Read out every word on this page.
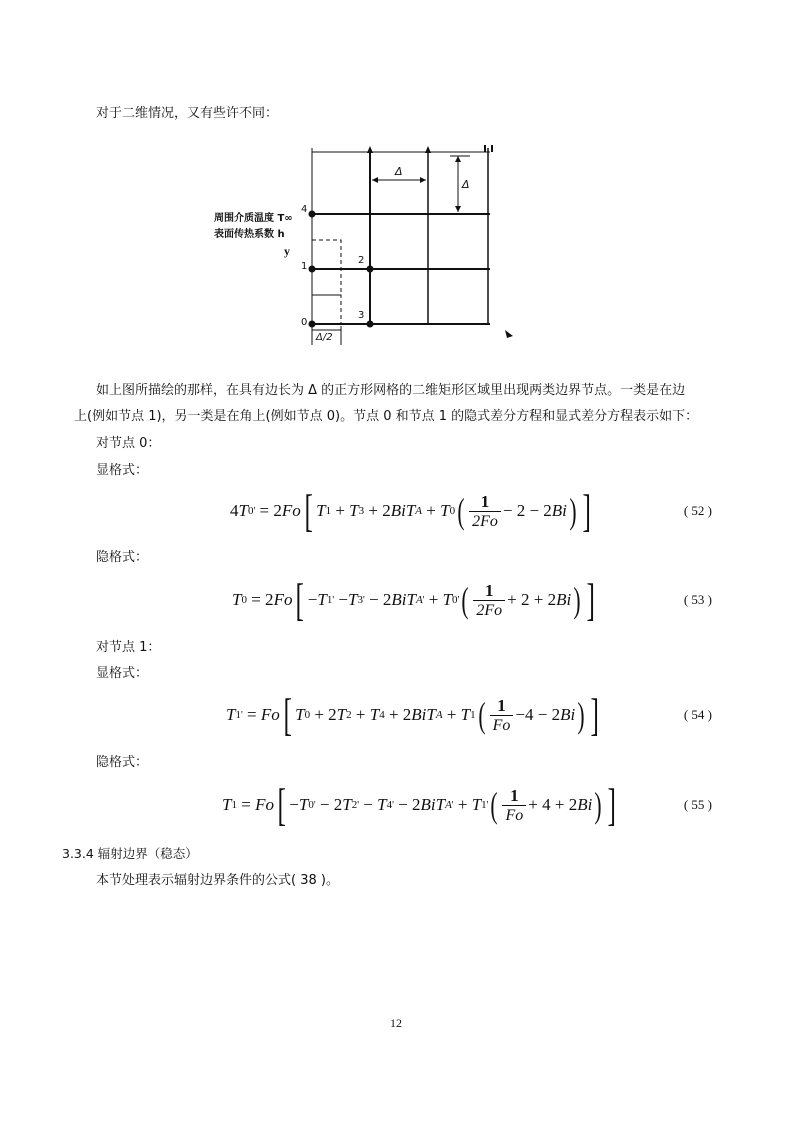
对于二维情况，又有些许不同：
周围介质温度 T∞
表面传热系数 h
y
4
1
0
2
3
Δ
Δ
Δ/2
如上图所描绘的那样，在具有边长为 Δ 的正方形网格的二维矩形区域里出现两类边界节点。一类是在边
上(例如节点 1)，另一类是在角上(例如节点 0)。节点 0 和节点 1 的隐式差分方程和显式差分方程表示如下：
对节点 0：
显格式：
4 T 0 ' = 2 Fo [ T 1 + T 3 + 2 BiT A + T 0 ( $\frac{1}{2Fo} - 2 - 2$ Bi ) ]	( 52 )
隐格式：
T 0 = 2 Fo [ − T 1 ' − T 3 ' − 2 BiT A ' + T 0 ' ( $\frac{1}{2Fo} + 2 + 2$ Bi ) ]	( 53 )
对节点 1：
显格式：
T 1 ' = Fo [ T 0 + 2 T 2 + T 4 + 2 BiT A + T 1 ( $\frac{1}{Fo} -4 - 2$ Bi ) ]	( 54 )
隐格式：
T 1 = Fo [ − T 0 ' − 2 T 2 ' − T 4 ' − 2 BiT A ' + T 1 ' ( $\frac{1}{Fo} + 4 + 2$ Bi ) ]	( 55 )
3.3.4 辐射边界（稳态）
本节处理表示辐射边界条件的公式( 38 )。
12
